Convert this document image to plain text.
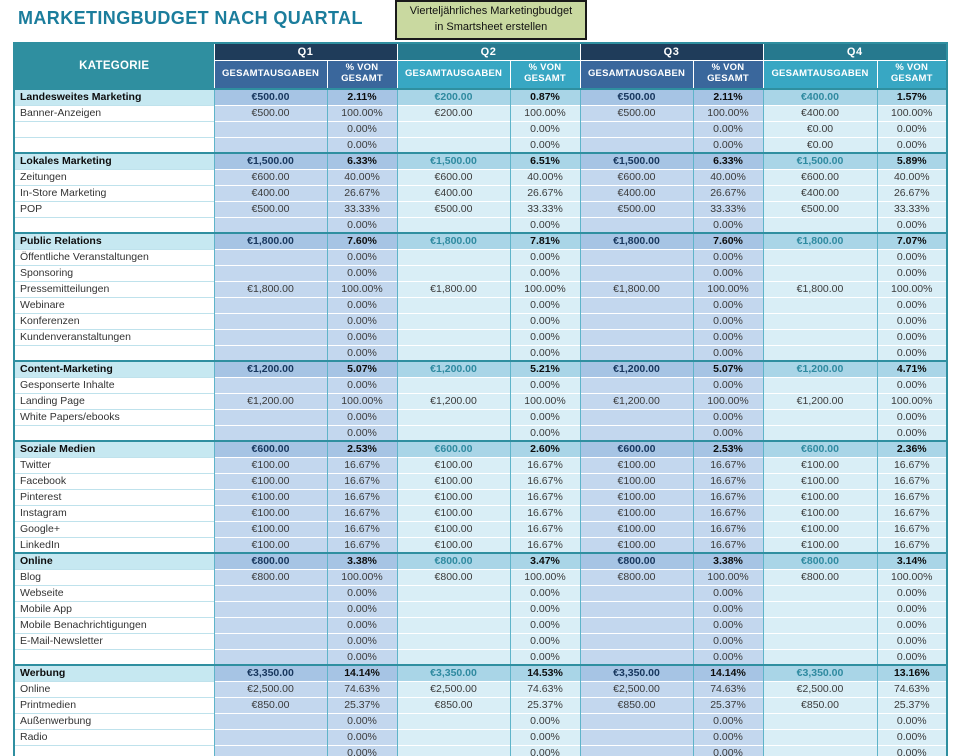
MARKETINGBUDGET NACH QUARTAL	Vierteljährliches Marketingbudget
in Smartsheet erstellen
KATEGORIE	Q1		Q2		Q3		Q4	
	GESAMTAUSGABEN	% VON GESAMT	GESAMTAUSGABEN	% VON GESAMT	GESAMTAUSGABEN	% VON GESAMT	GESAMTAUSGABEN	% VON GESAMT
Landesweites Marketing	€500.00	2.11%	€200.00	0.87%	€500.00	2.11%	€400.00	1.57%
Banner-Anzeigen	€500.00	100.00%	€200.00	100.00%	€500.00	100.00%	€400.00	100.00%
		0.00%		0.00%		0.00%	€0.00	0.00%
		0.00%		0.00%		0.00%	€0.00	0.00%
Lokales Marketing	€1,500.00	6.33%	€1,500.00	6.51%	€1,500.00	6.33%	€1,500.00	5.89%
Zeitungen	€600.00	40.00%	€600.00	40.00%	€600.00	40.00%	€600.00	40.00%
In-Store Marketing	€400.00	26.67%	€400.00	26.67%	€400.00	26.67%	€400.00	26.67%
POP	€500.00	33.33%	€500.00	33.33%	€500.00	33.33%	€500.00	33.33%
		0.00%		0.00%		0.00%		0.00%
Public Relations	€1,800.00	7.60%	€1,800.00	7.81%	€1,800.00	7.60%	€1,800.00	7.07%
Öffentliche Veranstaltungen		0.00%		0.00%		0.00%		0.00%
Sponsoring		0.00%		0.00%		0.00%		0.00%
Pressemitteilungen	€1,800.00	100.00%	€1,800.00	100.00%	€1,800.00	100.00%	€1,800.00	100.00%
Webinare		0.00%		0.00%		0.00%		0.00%
Konferenzen		0.00%		0.00%		0.00%		0.00%
Kundenveranstaltungen		0.00%		0.00%		0.00%		0.00%
		0.00%		0.00%		0.00%		0.00%
Content-Marketing	€1,200.00	5.07%	€1,200.00	5.21%	€1,200.00	5.07%	€1,200.00	4.71%
Gesponserte Inhalte		0.00%		0.00%		0.00%		0.00%
Landing Page	€1,200.00	100.00%	€1,200.00	100.00%	€1,200.00	100.00%	€1,200.00	100.00%
White Papers/ebooks		0.00%		0.00%		0.00%		0.00%
		0.00%		0.00%		0.00%		0.00%
Soziale Medien	€600.00	2.53%	€600.00	2.60%	€600.00	2.53%	€600.00	2.36%
Twitter	€100.00	16.67%	€100.00	16.67%	€100.00	16.67%	€100.00	16.67%
Facebook	€100.00	16.67%	€100.00	16.67%	€100.00	16.67%	€100.00	16.67%
Pinterest	€100.00	16.67%	€100.00	16.67%	€100.00	16.67%	€100.00	16.67%
Instagram	€100.00	16.67%	€100.00	16.67%	€100.00	16.67%	€100.00	16.67%
Google+	€100.00	16.67%	€100.00	16.67%	€100.00	16.67%	€100.00	16.67%
LinkedIn	€100.00	16.67%	€100.00	16.67%	€100.00	16.67%	€100.00	16.67%
Online	€800.00	3.38%	€800.00	3.47%	€800.00	3.38%	€800.00	3.14%
Blog	€800.00	100.00%	€800.00	100.00%	€800.00	100.00%	€800.00	100.00%
Webseite		0.00%		0.00%		0.00%		0.00%
Mobile App		0.00%		0.00%		0.00%		0.00%
Mobile Benachrichtigungen		0.00%		0.00%		0.00%		0.00%
E-Mail-Newsletter		0.00%		0.00%		0.00%		0.00%
		0.00%		0.00%		0.00%		0.00%
Werbung	€3,350.00	14.14%	€3,350.00	14.53%	€3,350.00	14.14%	€3,350.00	13.16%
Online	€2,500.00	74.63%	€2,500.00	74.63%	€2,500.00	74.63%	€2,500.00	74.63%
Printmedien	€850.00	25.37%	€850.00	25.37%	€850.00	25.37%	€850.00	25.37%
Außenwerbung		0.00%		0.00%		0.00%		0.00%
Radio		0.00%		0.00%		0.00%		0.00%
		0.00%		0.00%		0.00%		0.00%
